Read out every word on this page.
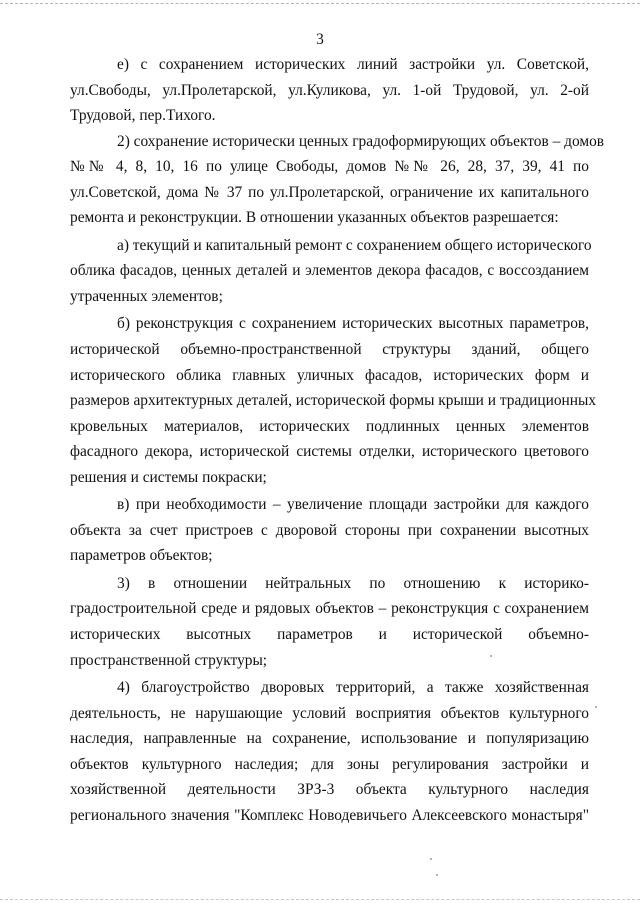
3
е) с сохранением исторических линий застройки ул. Советской,
ул.Свободы, ул.Пролетарской, ул.Куликова, ул. 1-ой Трудовой, ул. 2-ой
Трудовой, пер.Тихого.
2) сохранение исторически ценных градоформирующих объектов – домов
№№ 4, 8, 10, 16 по улице Свободы, домов №№ 26, 28, 37, 39, 41 по
ул.Советской, дома № 37 по ул.Пролетарской, ограничение их капитального
ремонта и реконструкции. В отношении указанных объектов разрешается:
а) текущий и капитальный ремонт с сохранением общего исторического
облика фасадов, ценных деталей и элементов декора фасадов, с воссозданием
утраченных элементов;
б) реконструкция с сохранением исторических высотных параметров,
исторической объемно-пространственной структуры зданий, общего
исторического облика главных уличных фасадов, исторических форм и
размеров архитектурных деталей, исторической формы крыши и традиционных
кровельных материалов, исторических подлинных ценных элементов
фасадного декора, исторической системы отделки, исторического цветового
решения и системы покраски;
в) при необходимости – увеличение площади застройки для каждого
объекта за счет пристроев с дворовой стороны при сохранении высотных
параметров объектов;
3) в отношении нейтральных по отношению к историко-
градостроительной среде и рядовых объектов – реконструкция с сохранением
исторических высотных параметров и исторической объемно-
пространственной структуры;
4) благоустройство дворовых территорий, а также хозяйственная
деятельность, не нарушающие условий восприятия объектов культурного
наследия, направленные на сохранение, использование и популяризацию
объектов культурного наследия; для зоны регулирования застройки и
хозяйственной деятельности ЗРЗ-3 объекта культурного наследия
регионального значения "Комплекс Новодевичьего Алексеевского монастыря"
